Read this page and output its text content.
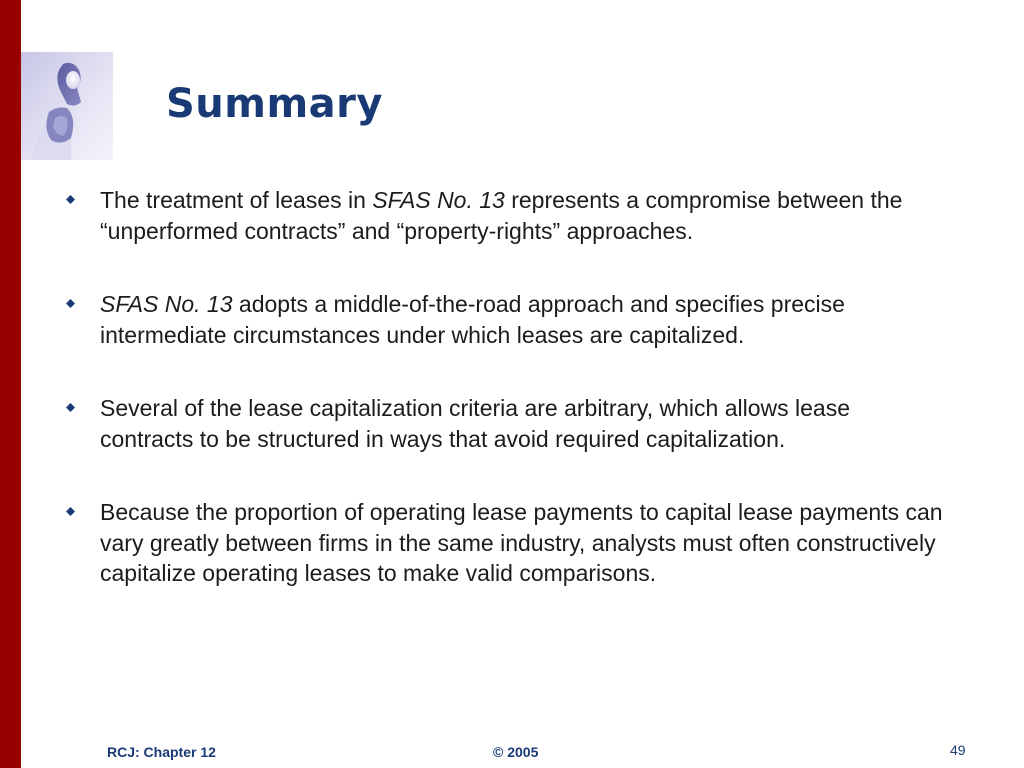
Summary
The treatment of leases in SFAS No. 13 represents a compromise between the “unperformed contracts” and “property-rights” approaches.
SFAS No. 13 adopts a middle-of-the-road approach and specifies precise intermediate circumstances under which leases are capitalized.
Several of the lease capitalization criteria are arbitrary, which allows lease contracts to be structured in ways that avoid required capitalization.
Because the proportion of operating lease payments to capital lease payments can vary greatly between firms in the same industry, analysts must often constructively capitalize operating leases to make valid comparisons.
RCJ: Chapter 12	© 2005	49
